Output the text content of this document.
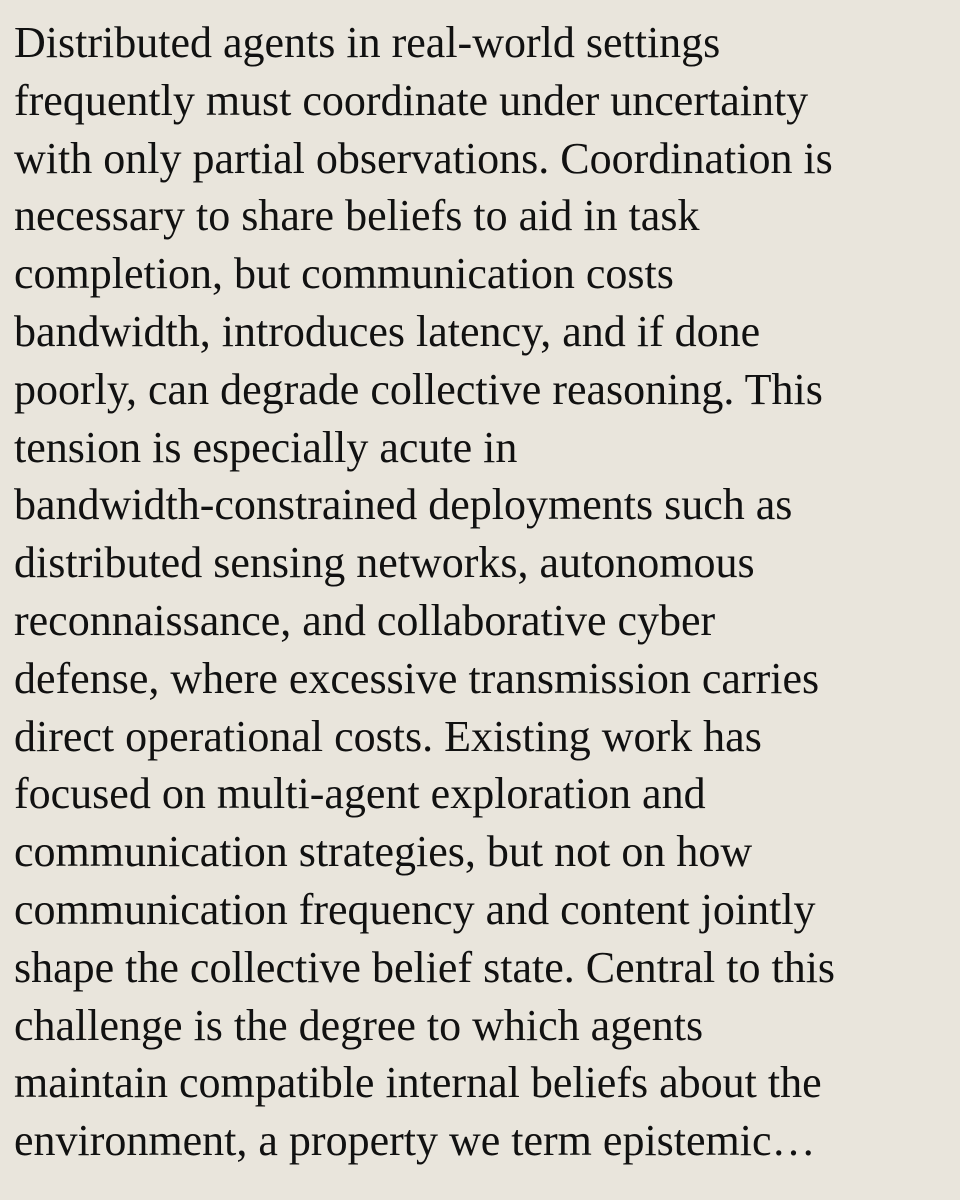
Distributed agents in real-world settings
frequently must coordinate under uncertainty
with only partial observations. Coordination is
necessary to share beliefs to aid in task
completion, but communication costs
bandwidth, introduces latency, and if done
poorly, can degrade collective reasoning. This
tension is especially acute in
bandwidth-constrained deployments such as
distributed sensing networks, autonomous
reconnaissance, and collaborative cyber
defense, where excessive transmission carries
direct operational costs. Existing work has
focused on multi-agent exploration and
communication strategies, but not on how
communication frequency and content jointly
shape the collective belief state. Central to this
challenge is the degree to which agents
maintain compatible internal beliefs about the
environment, a property we term epistemic…
